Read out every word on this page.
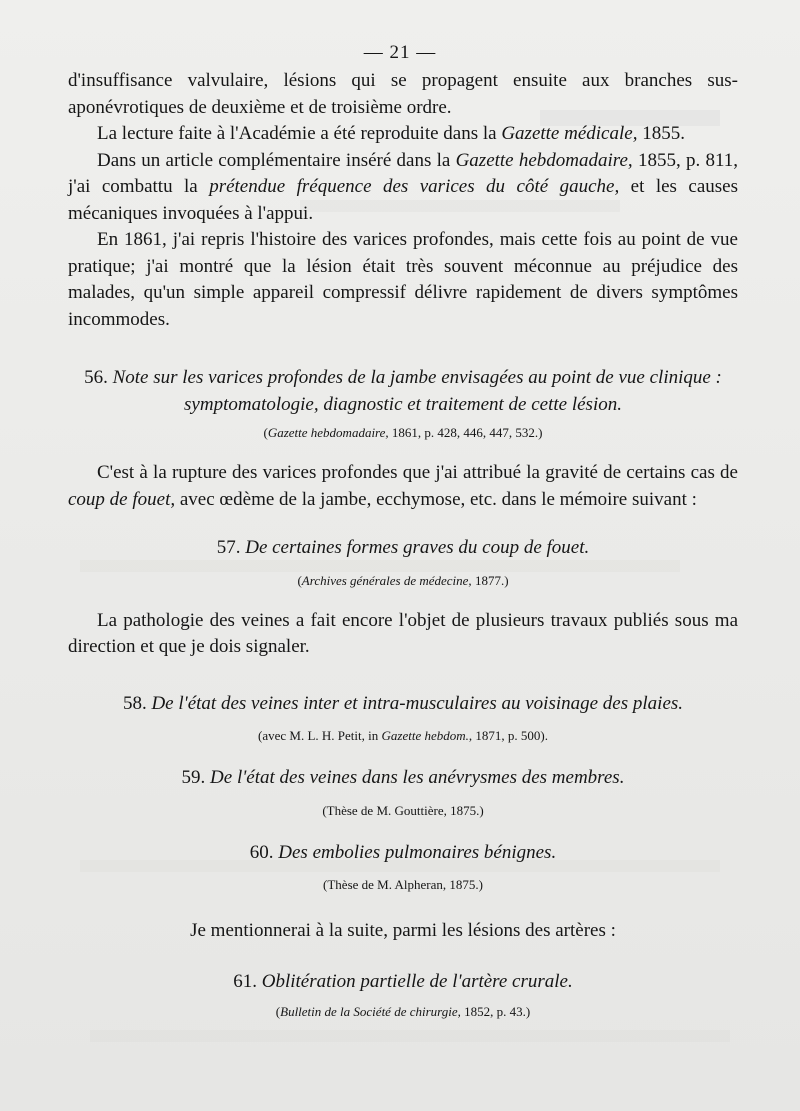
— 21 —

d'insuffisance valvulaire, lésions qui se propagent ensuite aux branches sus-aponévrotiques de deuxième et de troisième ordre.

La lecture faite à l'Académie a été reproduite dans la Gazette médicale, 1855.

Dans un article complémentaire inséré dans la Gazette hebdomadaire, 1855, p. 811, j'ai combattu la prétendue fréquence des varices du côté gauche, et les causes mécaniques invoquées à l'appui.

En 1861, j'ai repris l'histoire des varices profondes, mais cette fois au point de vue pratique; j'ai montré que la lésion était très souvent méconnue au préjudice des malades, qu'un simple appareil compressif délivre rapidement de divers symptômes incommodes.

56. Note sur les varices profondes de la jambe envisagées au point de vue clinique :
symptomatologie, diagnostic et traitement de cette lésion.

(Gazette hebdomadaire, 1861, p. 428, 446, 447, 532.)

C'est à la rupture des varices profondes que j'ai attribué la gravité de certains cas de coup de fouet, avec œdème de la jambe, ecchymose, etc. dans le mémoire suivant :

57. De certaines formes graves du coup de fouet.

(Archives générales de médecine, 1877.)

La pathologie des veines a fait encore l'objet de plusieurs travaux publiés sous ma direction et que je dois signaler.

58. De l'état des veines inter et intra-musculaires au voisinage des plaies.

(avec M. L. H. Petit, in Gazette hebdom., 1871, p. 500).

59. De l'état des veines dans les anévrysmes des membres.

(Thèse de M. Gouttière, 1875.)

60. Des embolies pulmonaires bénignes.

(Thèse de M. Alpheran, 1875.)

Je mentionnerai à la suite, parmi les lésions des artères :

61. Oblitération partielle de l'artère crurale.

(Bulletin de la Société de chirurgie, 1852, p. 43.)
